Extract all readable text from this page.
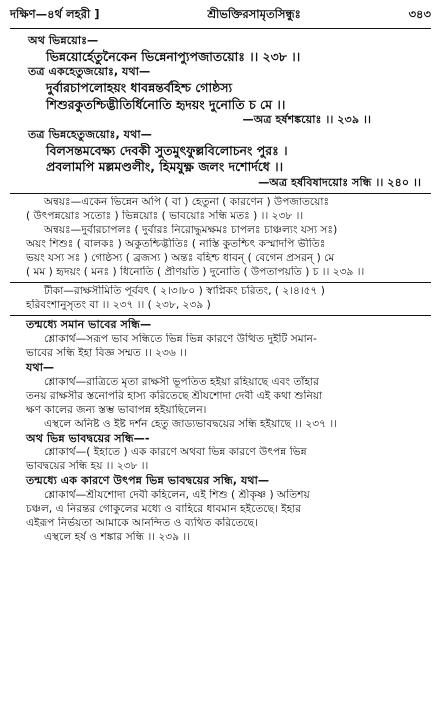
দক্ষিণ—৪র্থ লহরী ]	শ্রীভক্তিরসামৃতসিন্ধুঃ	৩৪৩
অথ ভিন্নয়োঃ—
ভিন্নয়োর্হেতুনৈকেন ভিন্নেনাপ্যুপজাতয়োঃ ।। ২৩৮ ।।
তত্র একহেতুজয়োঃ, যথা—
দুর্বারচাপলোহয়ং ধাবন্নন্তর্বহিশ্চ গোষ্ঠস্য
শিশুরকুতশ্চিদ্ভীতির্ধিনোতি হৃদয়ং দুনোতি চ মে ।।
—অত্র হর্ষশঙ্কয়োঃ ।। ২৩৯ ।।
তত্র ভিন্নহেতুজয়োঃ, যথা—
বিলসন্তমবেক্ষ্য দেবকী সুতমুৎফুল্লবিলোচনং পুরঃ ।
প্রবলামপি মল্লমণ্ডলীং, হিমযুক্ষ্ণ জলং দশোর্দধে ।।
—অত্র হর্ষবিষাদয়োঃ সন্ধি ।। ২৪০ ।।
অন্বয়ঃ—একেন ভিন্নেন অপি ( বা ) হেতুনা ( কারণেন ) উপজাতয়োঃ
( উৎপন্নয়োঃ সতোঃ ) ভিন্নয়োঃ ( ভাবয়োঃ সন্ধি মতঃ ) ।। ২৩৮ ।।
অন্বয়ঃ—দুর্বারচাপলঃ ( দুর্বারঃ নিরোদ্ধুমক্ষমঃ চাপলঃ চাঞ্চল্যং যস্য সঃ)
অয়ং শিশুঃ ( বালকঃ ) অকুতশ্চিদ্ভীতিঃ ( নাস্তি কুতশ্চিৎ কস্মাদপি ভীতিঃ
ভয়ং যস্য সঃ ) গোষ্ঠস্য ( ব্রজস্য ) অন্তঃ বহিশ্চ ধাবন্ ( বেগেন প্রসরন্ ) মে
( মম ) হৃদয়ং ( মনঃ ) ধিনোতি ( প্রীণয়তি ) দুনোতি ( উপতাপয়তি ) চ ।। ২৩৯ ।।
টীকা—রাক্ষসীমিতি পূর্ববৎ ( ২।৩।৮০ ) স্বাপ্নিকং চরিতং, ( ২।৪।৫৭ )
হরিবংশানুসৃতং বা ।। ২৩৭ ।। ( ২৩৮, ২৩৯ )
তন্মধ্যে সমান ভাবের সন্ধি—
শ্লোকার্থ—সরূপ ভাব সন্ধিতে ভিন্ন ভিন্ন কারণে উত্থিত দুইটি সমান-
ভাবের সন্ধি ইহা বিজ্ঞ সম্মত ।। ২৩৬ ।।
যথা—
শ্লোকার্থ—রাত্রিতে মৃতা রাক্ষসী ভূপতিত হইয়া রহিয়াছে এবং তাঁহার
তনয় রাক্ষসীর স্তনোপরি হাস্য করিতেছে শ্রীযশোদা দেবী এই কথা শুনিয়া
ক্ষণ কালের জন্য স্তম্ভ ভাবাপন্ন হইয়াছিলেন।
এস্থলে অনিষ্ট ও ইষ্ট দর্শন হেতু জাড্যভাবদ্বয়ের সন্ধি হইয়াছে ।। ২৩৭ ।।
অথ ভিন্ন ভাবদ্বয়ের সন্ধি—-
শ্লোকার্থ—( ইহাতে ) এক কারণে অথবা ভিন্ন কারণে উৎপন্ন ভিন্ন
ভাবদ্বয়ের সন্ধি হয় ।। ২৩৮ ।।
তন্মধ্যে এক কারণে উৎপন্ন ভিন্ন ভাবদ্বয়ের সন্ধি, যথা—
শ্লোকার্থ—শ্রীযশোদা দেবী কহিলেন, এই শিশু ( শ্রীকৃষ্ণ ) অতিশয়
চঞ্চল, এ নিরন্তর গোকুলের মধ্যে ও বাহিরে ধাবমান হইতেছে। ইহার
এইরূপ নির্ভয়তা আমাকে আনন্দিত ও ব্যথিত করিতেছে।
এস্থলে হর্ষ ও শঙ্কার সন্ধি ।। ২৩৯ ।।
